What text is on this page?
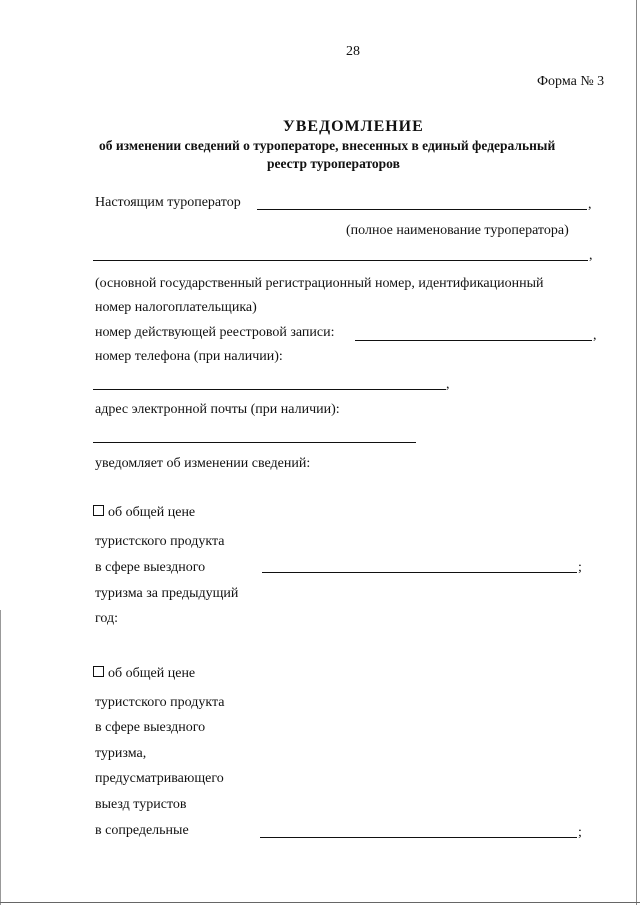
28
Форма № 3
УВЕДОМЛЕНИЕ
об изменении сведений о туроператоре, внесенных в единый федеральный
реестр туроператоров
Настоящим туроператор	,
(полное наименование туроператора)
,
(основной государственный регистрационный номер, идентификационный
номер налогоплательщика)
номер действующей реестровой записи:	,
номер телефона (при наличии):
,
адрес электронной почты (при наличии):
уведомляет об изменении сведений:
об общей цене
туристского продукта
в сфере выездного
туризма за предыдущий
год:
;
об общей цене
туристского продукта
в сфере выездного
туризма,
предусматривающего
выезд туристов
в сопредельные	;
